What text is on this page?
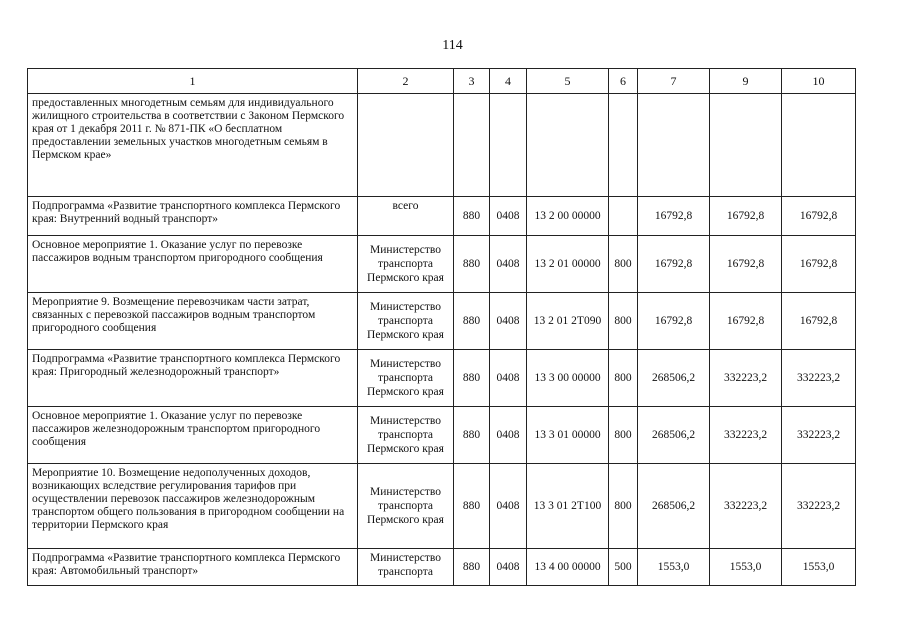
114
1	2	3	4	5	6	7	9	10
предоставленных многодетным семьям для индивидуального жилищного строительства в соответствии с Законом Пермского края от 1 декабря 2011 г. № 871-ПК «О бесплатном предоставлении земельных участков многодетным семьям в Пермском крае»								
Подпрограмма «Развитие транспортного комплекса Пермского края: Внутренний водный транспорт»	всего	880	0408	13 2 00 00000		16792,8	16792,8	16792,8
Основное мероприятие 1. Оказание услуг по перевозке пассажиров водным транспортом пригородного сообщения	Министерство транспорта Пермского края	880	0408	13 2 01 00000	800	16792,8	16792,8	16792,8
Мероприятие 9. Возмещение перевозчикам части затрат, связанных с перевозкой пассажиров водным транспортом пригородного сообщения	Министерство транспорта Пермского края	880	0408	13 2 01 2Т090	800	16792,8	16792,8	16792,8
Подпрограмма «Развитие транспортного комплекса Пермского края: Пригородный железнодорожный транспорт»	Министерство транспорта Пермского края	880	0408	13 3 00 00000	800	268506,2	332223,2	332223,2
Основное мероприятие 1. Оказание услуг по перевозке пассажиров железнодорожным транспортом пригородного сообщения	Министерство транспорта Пермского края	880	0408	13 3 01 00000	800	268506,2	332223,2	332223,2
Мероприятие 10. Возмещение недополученных доходов, возникающих вследствие регулирования тарифов при осуществлении перевозок пассажиров железнодорожным транспортом общего пользования в пригородном сообщении на территории Пермского края	Министерство транспорта Пермского края	880	0408	13 3 01 2Т100	800	268506,2	332223,2	332223,2
Подпрограмма «Развитие транспортного комплекса Пермского края: Автомобильный транспорт»	Министерство транспорта	880	0408	13 4 00 00000	500	1553,0	1553,0	1553,0
